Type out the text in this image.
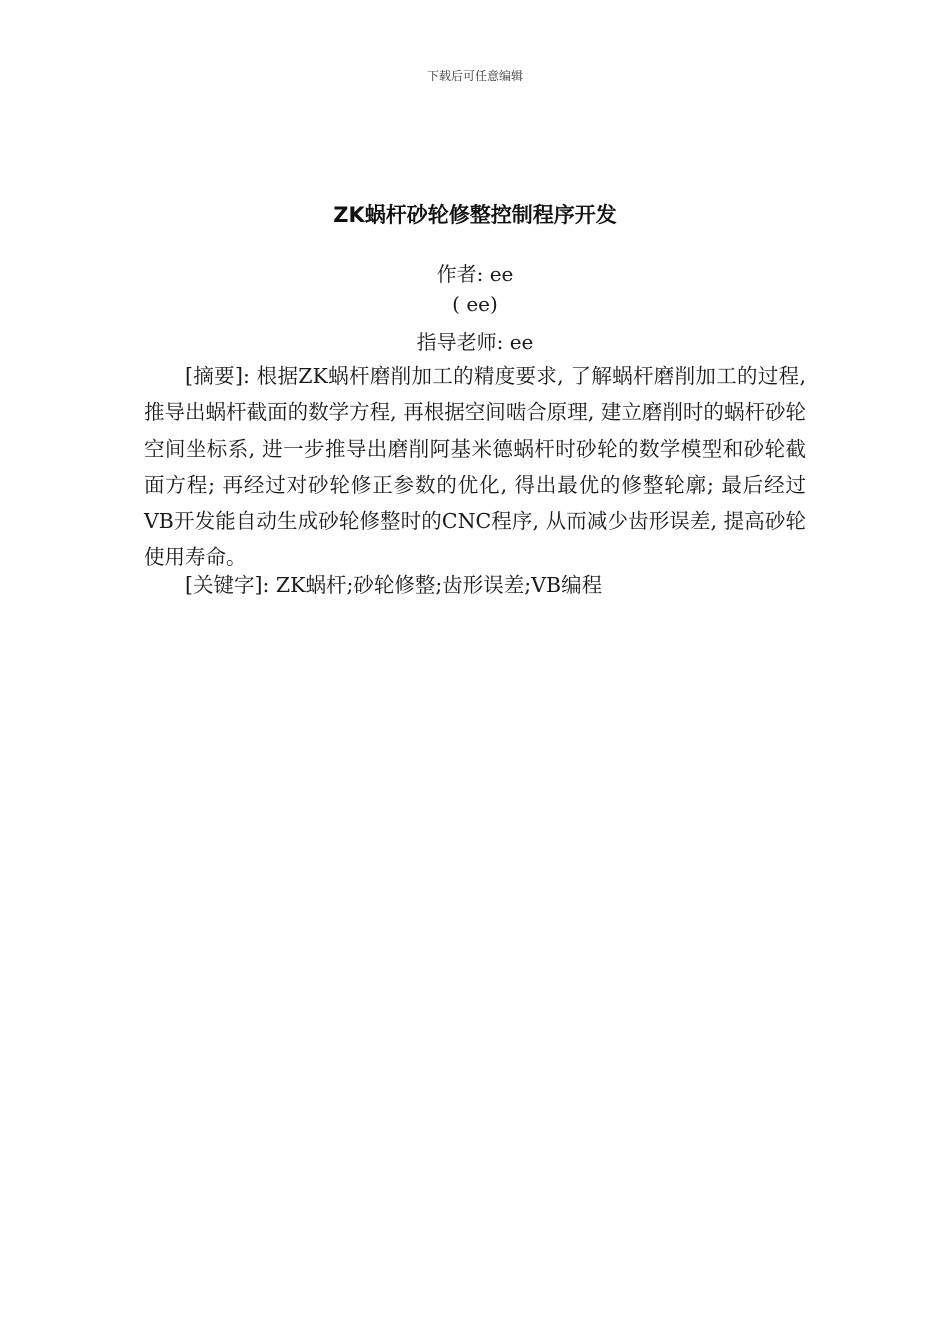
下载后可任意编辑
ZK蜗杆砂轮修整控制程序开发
作者: ee
( ee)
指导老师: ee

[摘要]: 根据ZK蜗杆磨削加工的精度要求, 了解蜗杆磨削加工的过程, 推导出蜗杆截面的数学方程, 再根据空间啮合原理, 建立磨削时的蜗杆砂轮空间坐标系, 进一步推导出磨削阿基米德蜗杆时砂轮的数学模型和砂轮截面方程; 再经过对砂轮修正参数的优化, 得出最优的修整轮廓; 最后经过VB开发能自动生成砂轮修整时的CNC程序, 从而减少齿形误差, 提高砂轮使用寿命。

[关键字]: ZK蜗杆;砂轮修整;齿形误差;VB编程
